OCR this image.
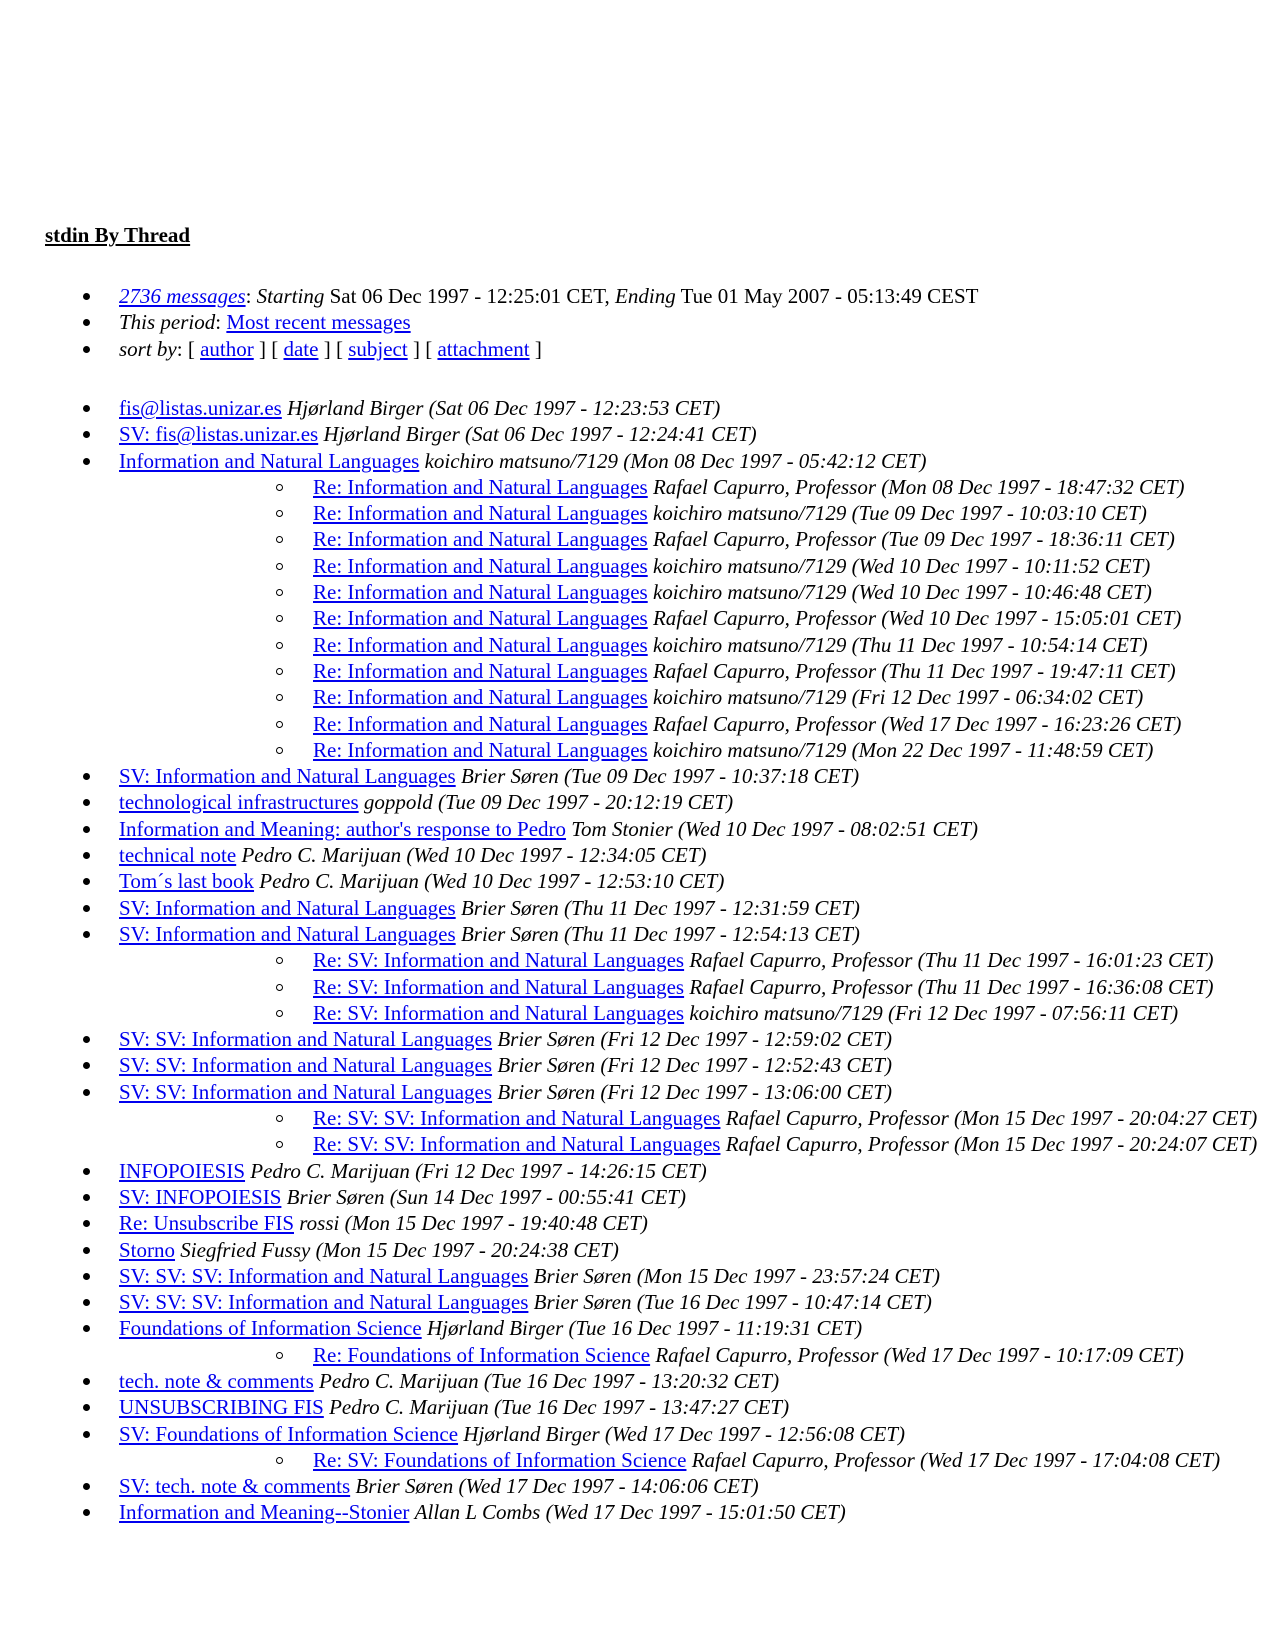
stdin By Thread
2736 messages: Starting Sat 06 Dec 1997 - 12:25:01 CET, Ending Tue 01 May 2007 - 05:13:49 CEST
This period: Most recent messages
sort by: [ author ] [ date ] [ subject ] [ attachment ]
fis@listas.unizar.es Hjørland Birger (Sat 06 Dec 1997 - 12:23:53 CET)
SV: fis@listas.unizar.es Hjørland Birger (Sat 06 Dec 1997 - 12:24:41 CET)
Information and Natural Languages koichiro matsuno/7129 (Mon 08 Dec 1997 - 05:42:12 CET)
Re: Information and Natural Languages Rafael Capurro, Professor (Mon 08 Dec 1997 - 18:47:32 CET)
Re: Information and Natural Languages koichiro matsuno/7129 (Tue 09 Dec 1997 - 10:03:10 CET)
Re: Information and Natural Languages Rafael Capurro, Professor (Tue 09 Dec 1997 - 18:36:11 CET)
Re: Information and Natural Languages koichiro matsuno/7129 (Wed 10 Dec 1997 - 10:11:52 CET)
Re: Information and Natural Languages koichiro matsuno/7129 (Wed 10 Dec 1997 - 10:46:48 CET)
Re: Information and Natural Languages Rafael Capurro, Professor (Wed 10 Dec 1997 - 15:05:01 CET)
Re: Information and Natural Languages koichiro matsuno/7129 (Thu 11 Dec 1997 - 10:54:14 CET)
Re: Information and Natural Languages Rafael Capurro, Professor (Thu 11 Dec 1997 - 19:47:11 CET)
Re: Information and Natural Languages koichiro matsuno/7129 (Fri 12 Dec 1997 - 06:34:02 CET)
Re: Information and Natural Languages Rafael Capurro, Professor (Wed 17 Dec 1997 - 16:23:26 CET)
Re: Information and Natural Languages koichiro matsuno/7129 (Mon 22 Dec 1997 - 11:48:59 CET)
SV: Information and Natural Languages Brier Søren (Tue 09 Dec 1997 - 10:37:18 CET)
technological infrastructures goppold (Tue 09 Dec 1997 - 20:12:19 CET)
Information and Meaning: author's response to Pedro Tom Stonier (Wed 10 Dec 1997 - 08:02:51 CET)
technical note Pedro C. Marijuan (Wed 10 Dec 1997 - 12:34:05 CET)
Tom´s last book Pedro C. Marijuan (Wed 10 Dec 1997 - 12:53:10 CET)
SV: Information and Natural Languages Brier Søren (Thu 11 Dec 1997 - 12:31:59 CET)
SV: Information and Natural Languages Brier Søren (Thu 11 Dec 1997 - 12:54:13 CET)
Re: SV: Information and Natural Languages Rafael Capurro, Professor (Thu 11 Dec 1997 - 16:01:23 CET)
Re: SV: Information and Natural Languages Rafael Capurro, Professor (Thu 11 Dec 1997 - 16:36:08 CET)
Re: SV: Information and Natural Languages koichiro matsuno/7129 (Fri 12 Dec 1997 - 07:56:11 CET)
SV: SV: Information and Natural Languages Brier Søren (Fri 12 Dec 1997 - 12:59:02 CET)
SV: SV: Information and Natural Languages Brier Søren (Fri 12 Dec 1997 - 12:52:43 CET)
SV: SV: Information and Natural Languages Brier Søren (Fri 12 Dec 1997 - 13:06:00 CET)
Re: SV: SV: Information and Natural Languages Rafael Capurro, Professor (Mon 15 Dec 1997 - 20:04:27 CET)
Re: SV: SV: Information and Natural Languages Rafael Capurro, Professor (Mon 15 Dec 1997 - 20:24:07 CET)
INFOPOIESIS Pedro C. Marijuan (Fri 12 Dec 1997 - 14:26:15 CET)
SV: INFOPOIESIS Brier Søren (Sun 14 Dec 1997 - 00:55:41 CET)
Re: Unsubscribe FIS rossi (Mon 15 Dec 1997 - 19:40:48 CET)
Storno Siegfried Fussy (Mon 15 Dec 1997 - 20:24:38 CET)
SV: SV: SV: Information and Natural Languages Brier Søren (Mon 15 Dec 1997 - 23:57:24 CET)
SV: SV: SV: Information and Natural Languages Brier Søren (Tue 16 Dec 1997 - 10:47:14 CET)
Foundations of Information Science Hjørland Birger (Tue 16 Dec 1997 - 11:19:31 CET)
Re: Foundations of Information Science Rafael Capurro, Professor (Wed 17 Dec 1997 - 10:17:09 CET)
tech. note & comments Pedro C. Marijuan (Tue 16 Dec 1997 - 13:20:32 CET)
UNSUBSCRIBING FIS Pedro C. Marijuan (Tue 16 Dec 1997 - 13:47:27 CET)
SV: Foundations of Information Science Hjørland Birger (Wed 17 Dec 1997 - 12:56:08 CET)
Re: SV: Foundations of Information Science Rafael Capurro, Professor (Wed 17 Dec 1997 - 17:04:08 CET)
SV: tech. note & comments Brier Søren (Wed 17 Dec 1997 - 14:06:06 CET)
Information and Meaning--Stonier Allan L Combs (Wed 17 Dec 1997 - 15:01:50 CET)
